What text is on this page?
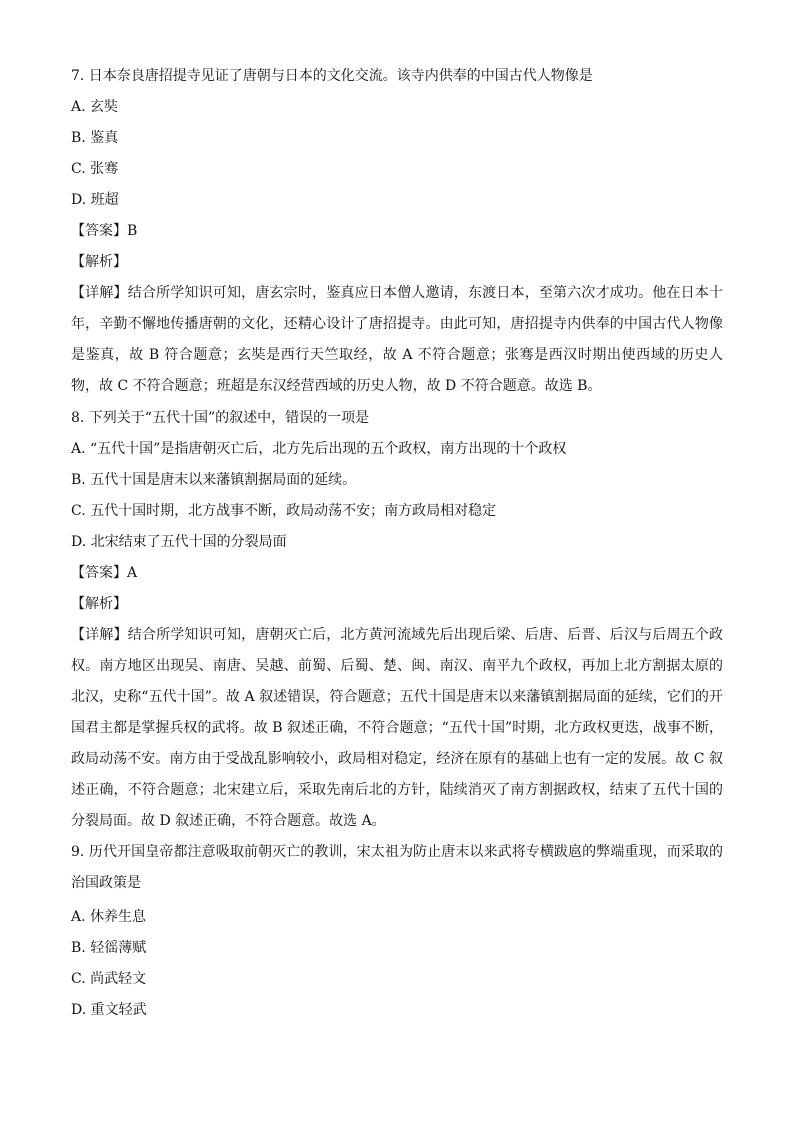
7. 日本奈良唐招提寺见证了唐朝与日本的文化交流。该寺内供奉的中国古代人物像是
A. 玄奘
B. 鉴真
C. 张骞
D. 班超
【答案】B
【解析】
【详解】结合所学知识可知，唐玄宗时，鉴真应日本僧人邀请，东渡日本，至第六次才成功。他在日本十年，辛勤不懈地传播唐朝的文化，还精心设计了唐招提寺。由此可知，唐招提寺内供奉的中国古代人物像是鉴真，故 B 符合题意；玄奘是西行天竺取经，故 A 不符合题意；张骞是西汉时期出使西域的历史人物，故 C 不符合题意；班超是东汉经营西域的历史人物，故 D 不符合题意。故选 B。
8. 下列关于“五代十国”的叙述中，错误的一项是
A. “五代十国”是指唐朝灭亡后，北方先后出现的五个政权，南方出现的十个政权
B. 五代十国是唐末以来藩镇割据局面的延续。
C. 五代十国时期，北方战事不断，政局动荡不安；南方政局相对稳定
D. 北宋结束了五代十国的分裂局面
【答案】A
【解析】
【详解】结合所学知识可知，唐朝灭亡后，北方黄河流域先后出现后梁、后唐、后晋、后汉与后周五个政权。南方地区出现吴、南唐、吴越、前蜀、后蜀、楚、闽、南汉、南平九个政权，再加上北方割据太原的北汉，史称“五代十国”。故 A 叙述错误，符合题意；五代十国是唐末以来藩镇割据局面的延续，它们的开国君主都是掌握兵权的武将。故 B 叙述正确，不符合题意；“五代十国”时期，北方政权更迭，战事不断，政局动荡不安。南方由于受战乱影响较小，政局相对稳定，经济在原有的基础上也有一定的发展。故 C 叙述正确，不符合题意；北宋建立后，采取先南后北的方针，陆续消灭了南方割据政权，结束了五代十国的分裂局面。故 D 叙述正确，不符合题意。故选 A。
9. 历代开国皇帝都注意吸取前朝灭亡的教训，宋太祖为防止唐末以来武将专横跋扈的弊端重现，而采取的治国政策是
A. 休养生息
B. 轻徭薄赋
C. 尚武轻文
D. 重文轻武
